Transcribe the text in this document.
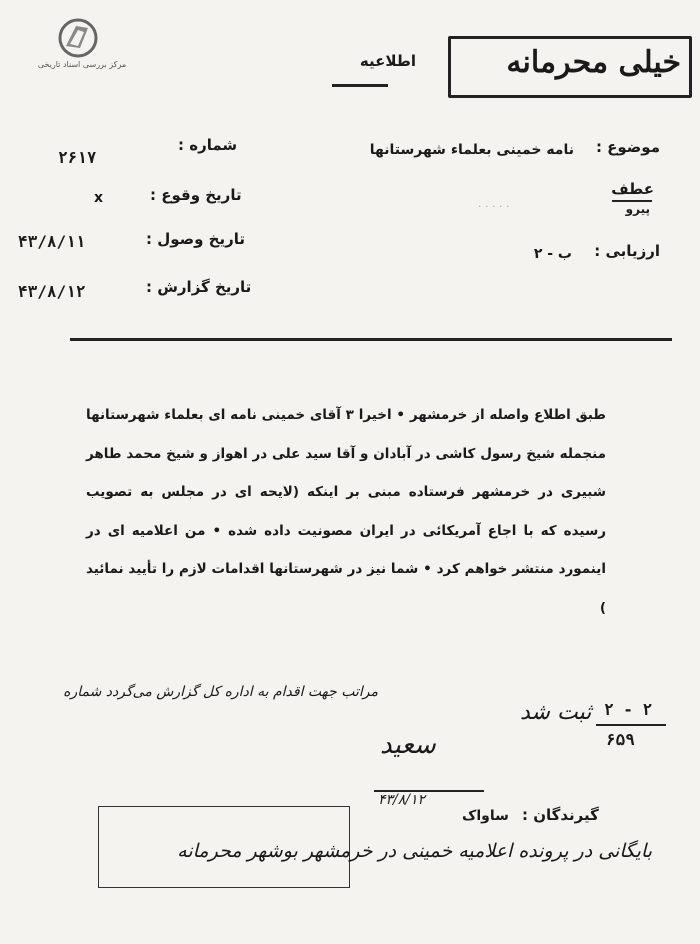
مرکز بررسی اسناد تاریخی	خیلی محرمانه
اطلاعیه
موضوع :
نامه خمینی بعلماء شهرستانها
عطف
پیرو
· · · · ·
ارزیابی :
ب - ۲
شماره :
۲۶۱۷
تاریخ وقوع :
x
تاریخ وصول :
۴۳/۸/۱۱
تاریخ گزارش :
۴۳/۸/۱۲
طبق اطلاع واصله از خرمشهر • اخیرا ۳ آقای خمینی نامه ای بعلماء شهرستانها منجمله شیخ رسول کاشی در آبادان و آقا سید علی در اهواز و شیخ محمد طاهر شبیری در خرمشهر فرستاده مبنی بر اینکه (لایحه ای در مجلس به تصویب رسیده که با اجاع آمریکائی در ایران مصونیت داده شده • من اعلامیه ای در اینمورد منتشر خواهم کرد • شما نیز در شهرستانها اقدامات لازم را تأیید نمائید )
مراتب جهت اقدام به اداره‌ کل گزارش می‌گردد شماره
۲ - ۲
۶۵۹
ثبت شد
سعید
۴۳/۸/۱۲
گیرندگان :
ساواک
بایگانی در پرونده اعلامیه خمینی در خرمشهر بوشهر محرمانه
